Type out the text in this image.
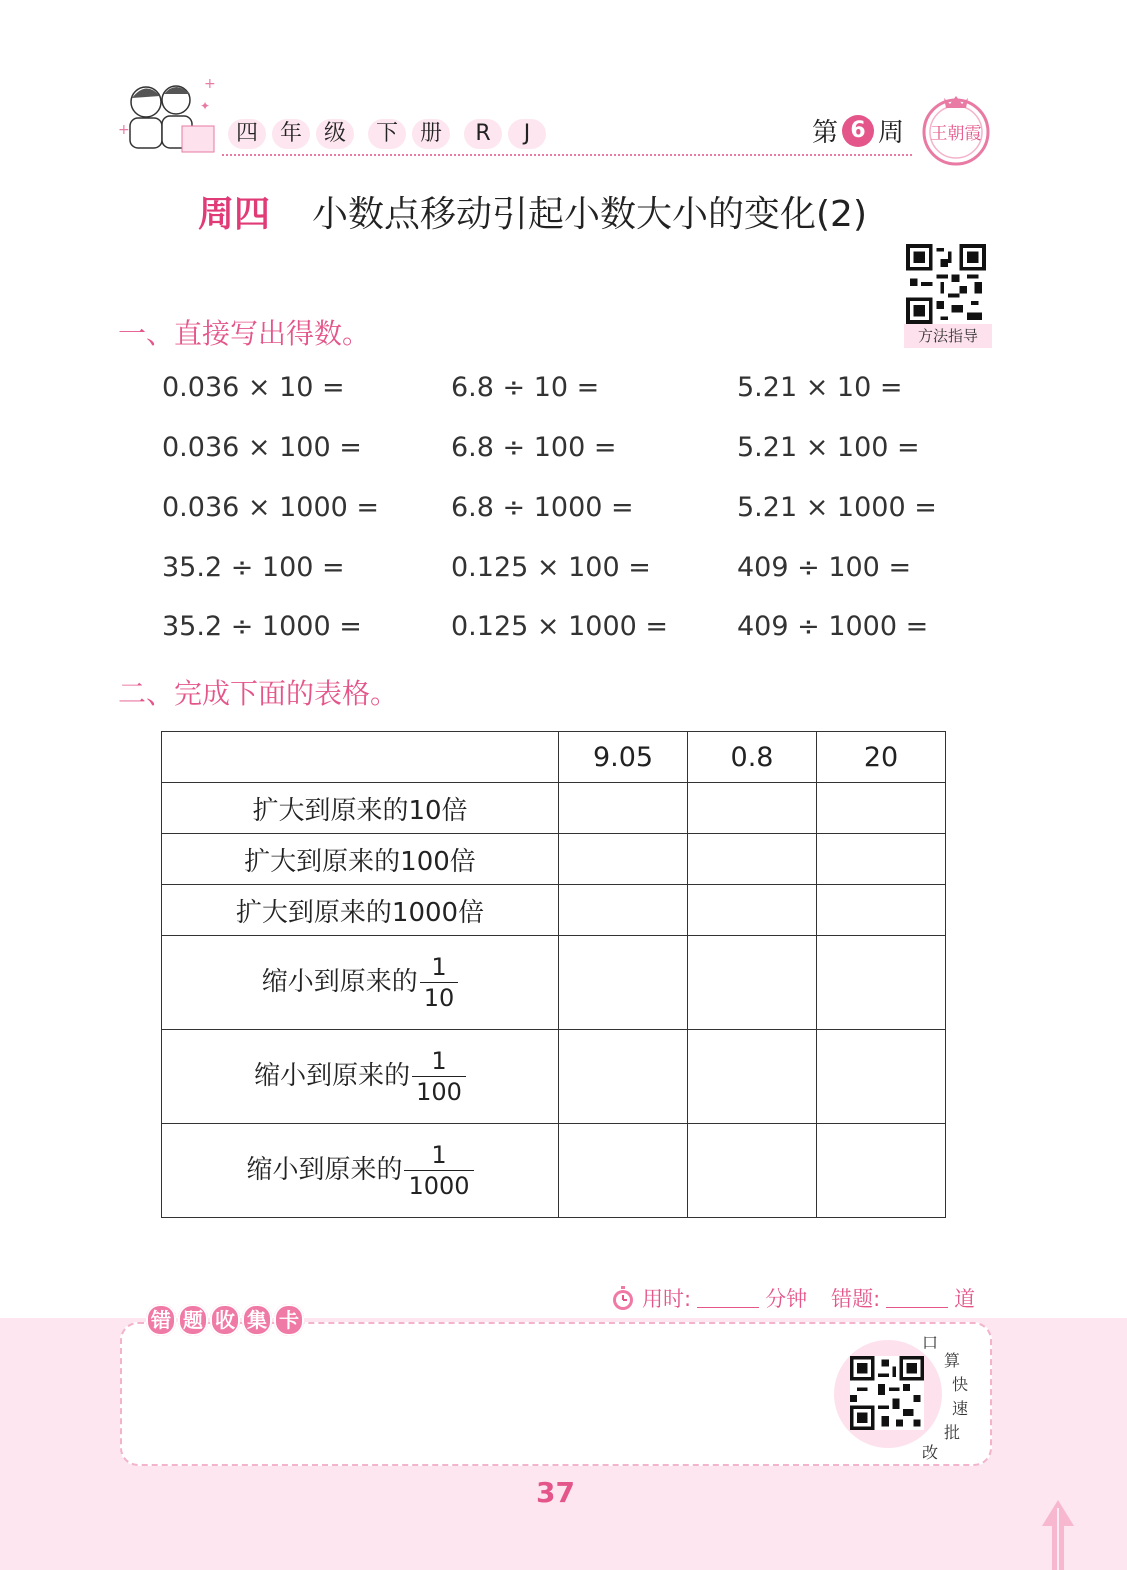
+
+
✦
四 年 级	下 册	R	J	第 6 周 王朝霞
周四 小数点移动引起小数大小的变化(2)
方法指导
一、直接写出得数。
0.036 × 10 =	6.8 ÷ 10 =	5.21 × 10 =
0.036 × 100 =	6.8 ÷ 100 =	5.21 × 100 =
0.036 × 1000 =	6.8 ÷ 1000 =	5.21 × 1000 =
35.2 ÷ 100 =	0.125 × 100 =	409 ÷ 100 =
35.2 ÷ 1000 =	0.125 × 1000 =	409 ÷ 1000 =
二、完成下面的表格。
	9.05	0.8	20
扩大到原来的10倍			
扩大到原来的100倍			
扩大到原来的1000倍			
缩小到原来的 $\frac{1}{10}$

缩小到原来的 $\frac{1}{100}$

缩小到原来的 $\frac{1}{1000}$

用时:	分钟 错题:	道
错 题 收 集 卡
口
算
快
速
批
改
37
